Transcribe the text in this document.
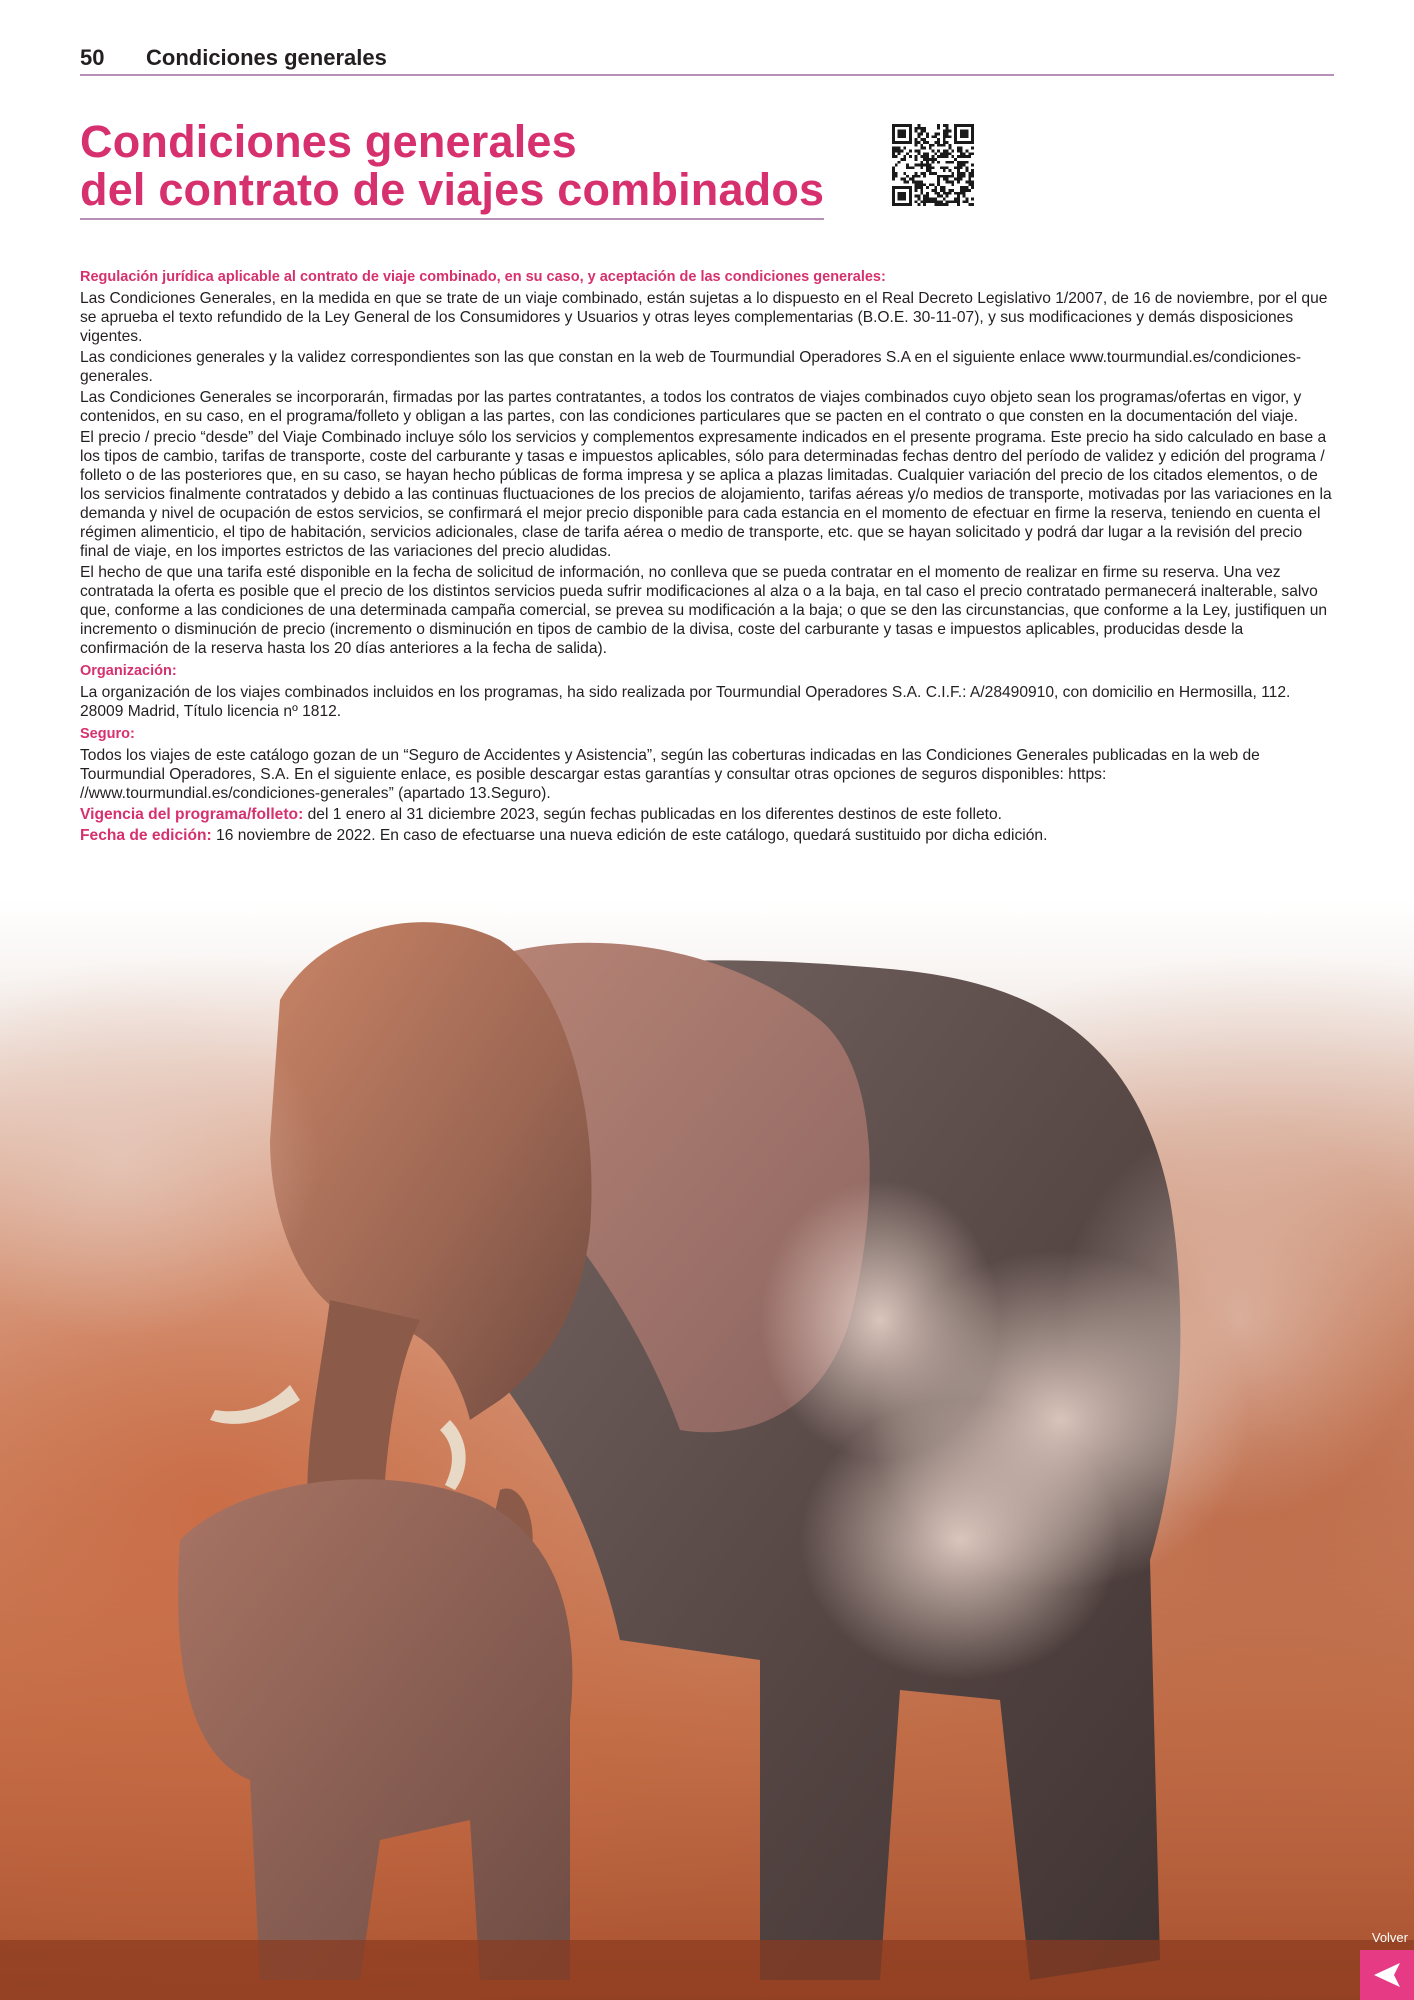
50	Condiciones generales
Condiciones generales
del contrato de viajes combinados
Regulación jurídica aplicable al contrato de viaje combinado, en su caso, y aceptación de las condiciones generales:

Las Condiciones Generales, en la medida en que se trate de un viaje combinado, están sujetas a lo dispuesto en el Real Decreto Legislativo 1/2007, de 16 de noviembre, por el que se aprueba el texto refundido de la Ley General de los Consumidores y Usuarios y otras leyes complementarias (B.O.E. 30-11-07), y sus modificaciones y demás disposiciones vigentes.

Las condiciones generales y la validez correspondientes son las que constan en la web de Tourmundial Operadores S.A en el siguiente enlace www.tourmundial.es/condiciones-generales.

Las Condiciones Generales se incorporarán, firmadas por las partes contratantes, a todos los contratos de viajes combinados cuyo objeto sean los programas/ofertas en vigor, y contenidos, en su caso, en el programa/folleto y obligan a las partes, con las condiciones particulares que se pacten en el contrato o que consten en la documentación del viaje.

El precio / precio “desde” del Viaje Combinado incluye sólo los servicios y complementos expresamente indicados en el presente programa. Este precio ha sido calculado en base a los tipos de cambio, tarifas de transporte, coste del carburante y tasas e impuestos aplicables, sólo para determinadas fechas dentro del período de validez y edición del programa / folleto o de las posteriores que, en su caso, se hayan hecho públicas de forma impresa y se aplica a plazas limitadas. Cualquier variación del precio de los citados elementos, o de los servicios finalmente contratados y debido a las continuas fluctuaciones de los precios de alojamiento, tarifas aéreas y/o medios de transporte, motivadas por las variaciones en la demanda y nivel de ocupación de estos servicios, se confirmará el mejor precio disponible para cada estancia en el momento de efectuar en firme la reserva, teniendo en cuenta el régimen alimenticio, el tipo de habitación, servicios adicionales, clase de tarifa aérea o medio de transporte, etc. que se hayan solicitado y podrá dar lugar a la revisión del precio final de viaje, en los importes estrictos de las variaciones del precio aludidas.

El hecho de que una tarifa esté disponible en la fecha de solicitud de información, no conlleva que se pueda contratar en el momento de realizar en firme su reserva. Una vez contratada la oferta es posible que el precio de los distintos servicios pueda sufrir modificaciones al alza o a la baja, en tal caso el precio contratado permanecerá inalterable, salvo que, conforme a las condiciones de una determinada campaña comercial, se prevea su modificación a la baja; o que se den las circunstancias, que conforme a la Ley, justifiquen un incremento o disminución de precio (incremento o disminución en tipos de cambio de la divisa, coste del carburante y tasas e impuestos aplicables, producidas desde la confirmación de la reserva hasta los 20 días anteriores a la fecha de salida).

Organización:

La organización de los viajes combinados incluidos en los programas, ha sido realizada por Tourmundial Operadores S.A. C.I.F.: A/28490910, con domicilio en Hermosilla, 112. 28009 Madrid, Título licencia nº 1812.

Seguro:

Todos los viajes de este catálogo gozan de un “Seguro de Accidentes y Asistencia”, según las coberturas indicadas en las Condiciones Generales publicadas en la web de Tourmundial Operadores, S.A. En el siguiente enlace, es posible descargar estas garantías y consultar otras opciones de seguros disponibles: https: //www.tourmundial.es/condiciones-generales” (apartado 13.Seguro).

Vigencia del programa/folleto: del 1 enero al 31 diciembre 2023, según fechas publicadas en los diferentes destinos de este folleto.

Fecha de edición: 16 noviembre de 2022. En caso de efectuarse una nueva edición de este catálogo, quedará sustituido por dicha edición.

Volver
